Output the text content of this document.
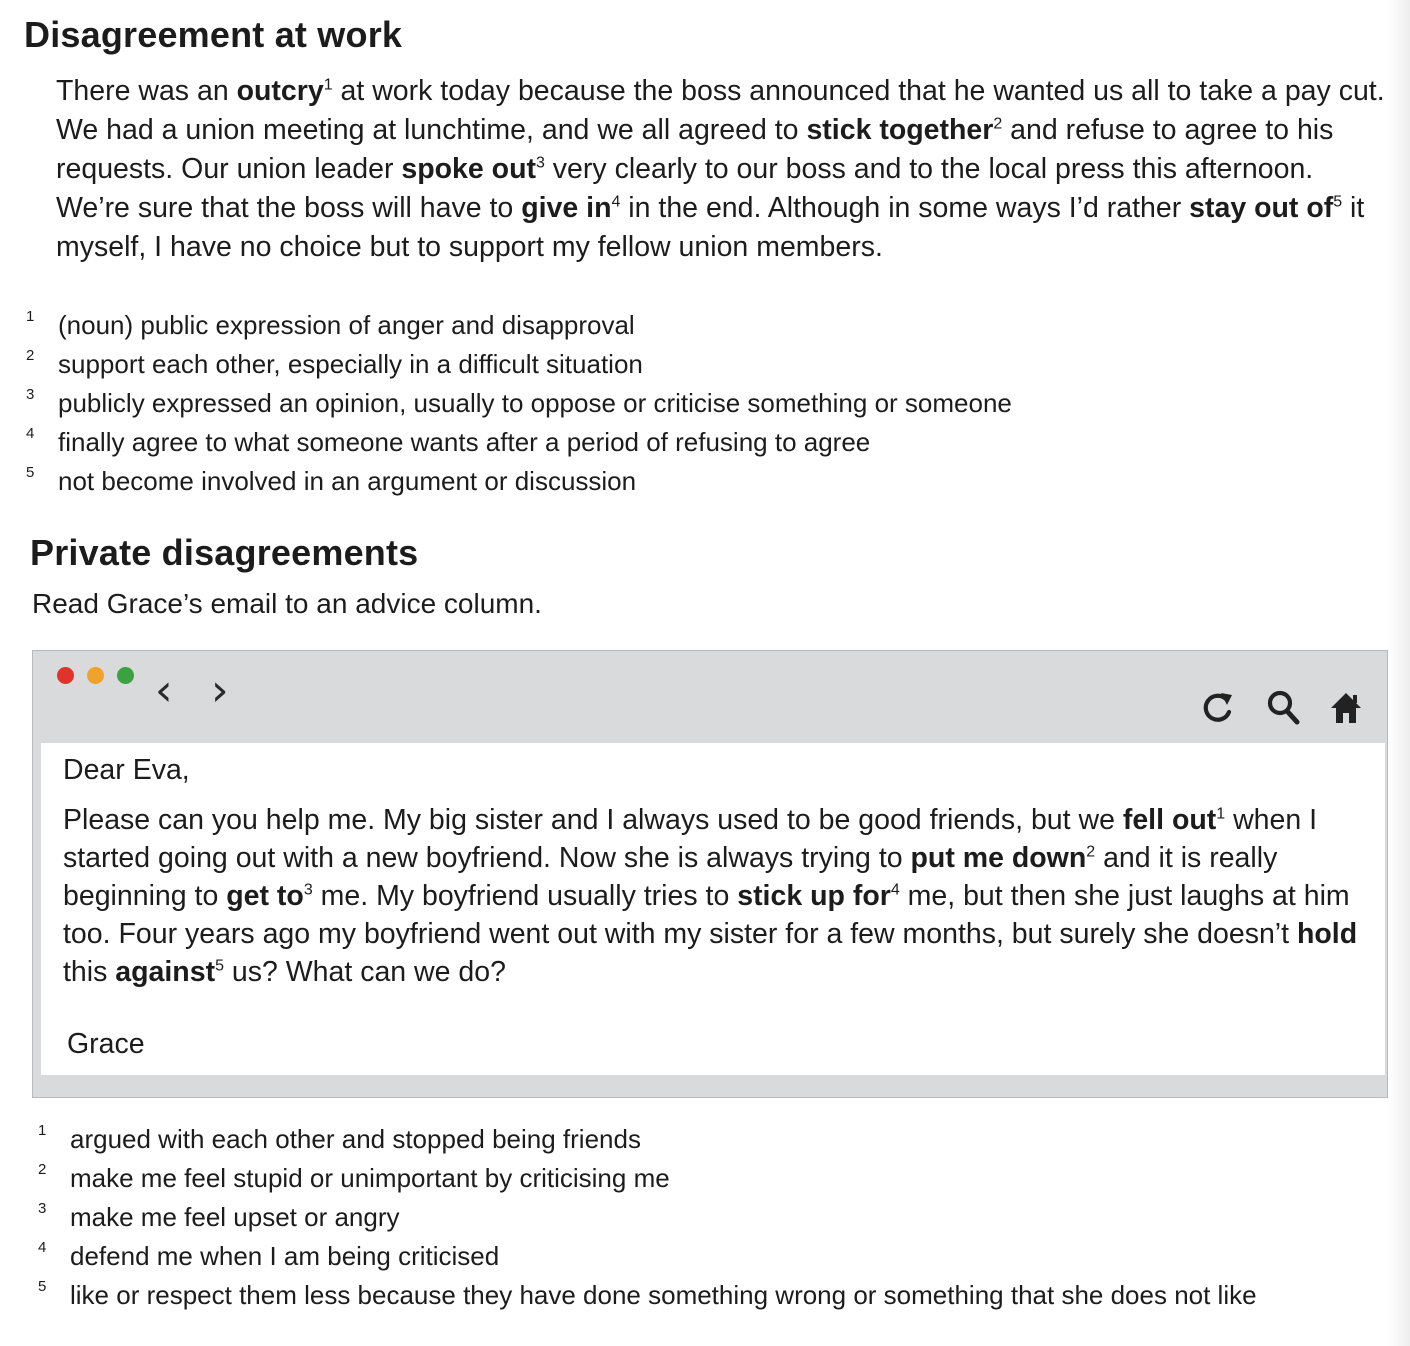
Disagreement at work

There was an outcry$^1$ at work today because the boss announced that he wanted us all to take a pay cut. We had a union meeting at lunchtime, and we all agreed to stick together$^2$ and refuse to agree to his requests. Our union leader spoke out$^3$ very clearly to our boss and to the local press this afternoon. We’re sure that the boss will have to give $in^4$ in the end. Although in some ways I’d rather stay out $of^5$ it myself, I have no choice but to support my fellow union members.

1 (noun) public expression of anger and disapproval
2 support each other, especially in a difficult situation
3 publicly expressed an opinion, usually to oppose or criticise something or someone
4 finally agree to what someone wants after a period of refusing to agree
5 not become involved in an argument or discussion
Private disagreements

Read Grace’s email to an advice column.

‹ ›

Dear Eva,

Please can you help me. My big sister and I always used to be good friends, but we fell out$^1$ when I started going out with a new boyfriend. Now she is always trying to put me down$^2$ and it is really beginning to get $to^3$ me. My boyfriend usually tries to stick up for$^4$ me, but then she just laughs at him too. Four years ago my boyfriend went out with my sister for a few months, but surely she doesn’t hold this against$^5$ us? What can we do?

Grace

1 argued with each other and stopped being friends
2 make me feel stupid or unimportant by criticising me
3 make me feel upset or angry
4 defend me when I am being criticised
5 like or respect them less because they have done something wrong or something that she does not like
